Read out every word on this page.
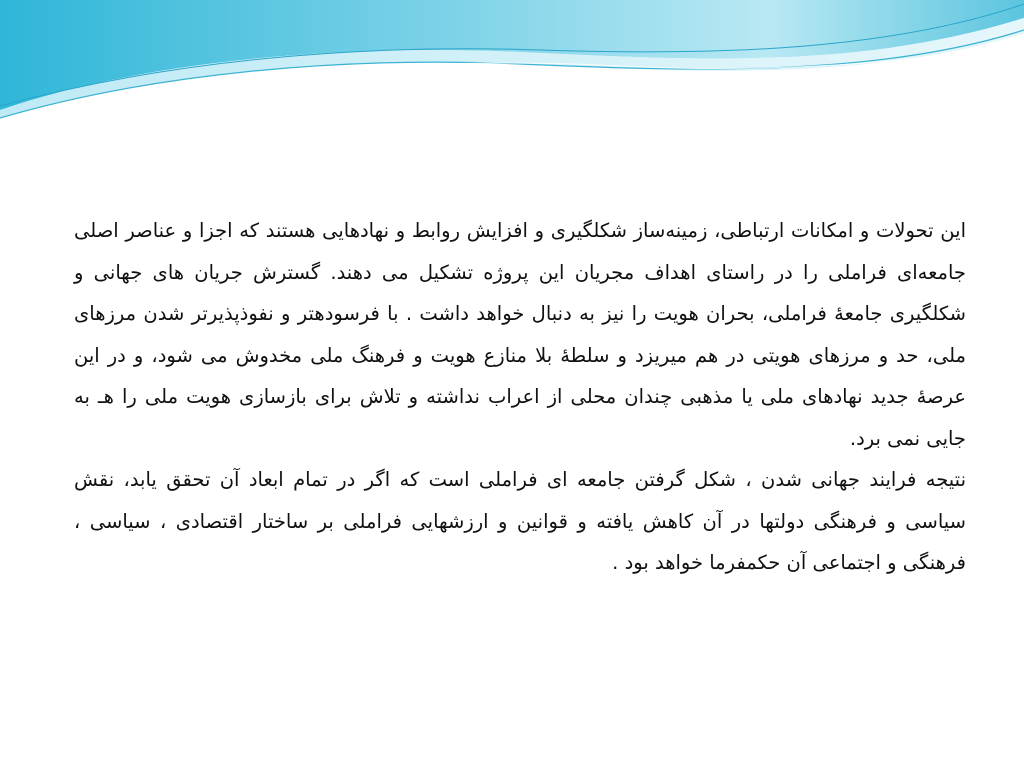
این تحولات و امکانات ارتباطی، زمینه‌ساز شکلگیری و افزایش روابط و نهادهایی هستند که اجزا و عناصر اصلی جامعه‌ای فراملی را در راستای اهداف مجریان این پروژه تشکیل می دهند. گسترش جریان های جهانی و شکلگیری جامعهٔ فراملی، بحران هویت را نیز به دنبال خواهد داشت . با فرسودهتر و نفوذپذیرتر شدن مرزهای ملی، حد و مرزهای هویتی در هم میریزد و سلطهٔ بلا منازع هویت و فرهنگ ملی مخدوش می شود، و در این عرصهٔ جدید نهادهای ملی یا مذهبی چندان محلی از اعراب نداشته و تلاش برای بازسازی هویت ملی را هـ به جایی نمی برد.

نتیجه فرایند جهانی شدن ، شکل گرفتن جامعه ای فراملی است که اگر در تمام ابعاد آن تحقق یابد، نقش سیاسی و فرهنگی دولتها در آن کاهش یافته و قوانین و ارزشهایی فراملی بر ساختار اقتصادی ، سیاسی ، فرهنگی و اجتماعی آن حکمفرما خواهد بود .
